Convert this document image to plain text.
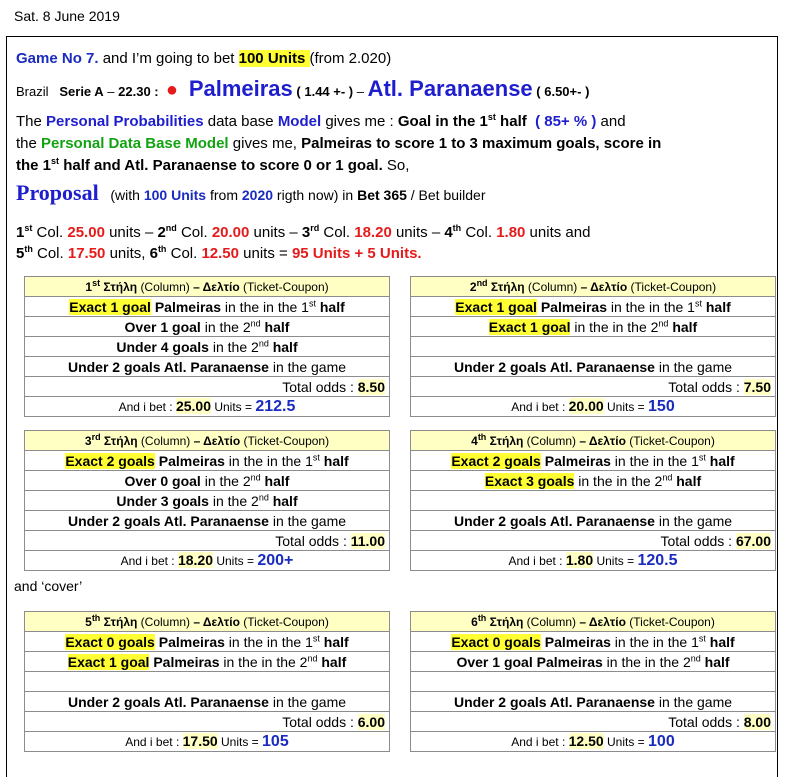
Sat. 8 June 2019
Game No 7. and I’m going to bet 100 Units (from 2.020)
Brazil Serie A – 22.30 : ● Palmeiras ( 1.44 +- ) – Atl. Paranaense ( 6.50+- )
The Personal Probabilities data base Model gives me : Goal in the 1st half ( 85+ % ) and
the Personal Data Base Model gives me, Palmeiras to score 1 to 3 maximum goals, score in
the 1st half and Atl. Paranaense to score 0 or 1 goal. So,
Proposal (with 100 Units from 2020 rigth now) in Bet 365 / Bet builder
1st Col. 25.00 units – 2nd Col. 20.00 units – 3rd Col. 18.20 units – 4th Col. 1.80 units and
5th Col. 17.50 units, 6th Col. 12.50 units = 95 Units + 5 Units.
and ‘cover’
1st Στήλη (Column) – Δελτίο (Ticket-Coupon)
Exact 1 goal Palmeiras in the in the 1st half
Over 1 goal in the 2nd half
Under 4 goals in the 2nd half
Under 2 goals Atl. Paranaense in the game
Total odds : 8.50
And i bet : 25.00 Units = 212.5
2nd Στήλη (Column) – Δελτίο (Ticket-Coupon)
Exact 1 goal Palmeiras in the in the 1st half
Exact 1 goal in the in the 2nd half

Under 2 goals Atl. Paranaense in the game
Total odds : 7.50
And i bet : 20.00 Units = 150
3rd Στήλη (Column) – Δελτίο (Ticket-Coupon)
Exact 2 goals Palmeiras in the in the 1st half
Over 0 goal in the 2nd half
Under 3 goals in the 2nd half
Under 2 goals Atl. Paranaense in the game
Total odds : 11.00
And i bet : 18.20 Units = 200+
4th Στήλη (Column) – Δελτίο (Ticket-Coupon)
Exact 2 goals Palmeiras in the in the 1st half
Exact 3 goals in the in the 2nd half

Under 2 goals Atl. Paranaense in the game
Total odds : 67.00
And i bet : 1.80 Units = 120.5
5th Στήλη (Column) – Δελτίο (Ticket-Coupon)
Exact 0 goals Palmeiras in the in the 1st half
Exact 1 goal Palmeiras in the in the 2nd half

Under 2 goals Atl. Paranaense in the game
Total odds : 6.00
And i bet : 17.50 Units = 105
6th Στήλη (Column) – Δελτίο (Ticket-Coupon)
Exact 0 goals Palmeiras in the in the 1st half
Over 1 goal Palmeiras in the in the 2nd half

Under 2 goals Atl. Paranaense in the game
Total odds : 8.00
And i bet : 12.50 Units = 100
